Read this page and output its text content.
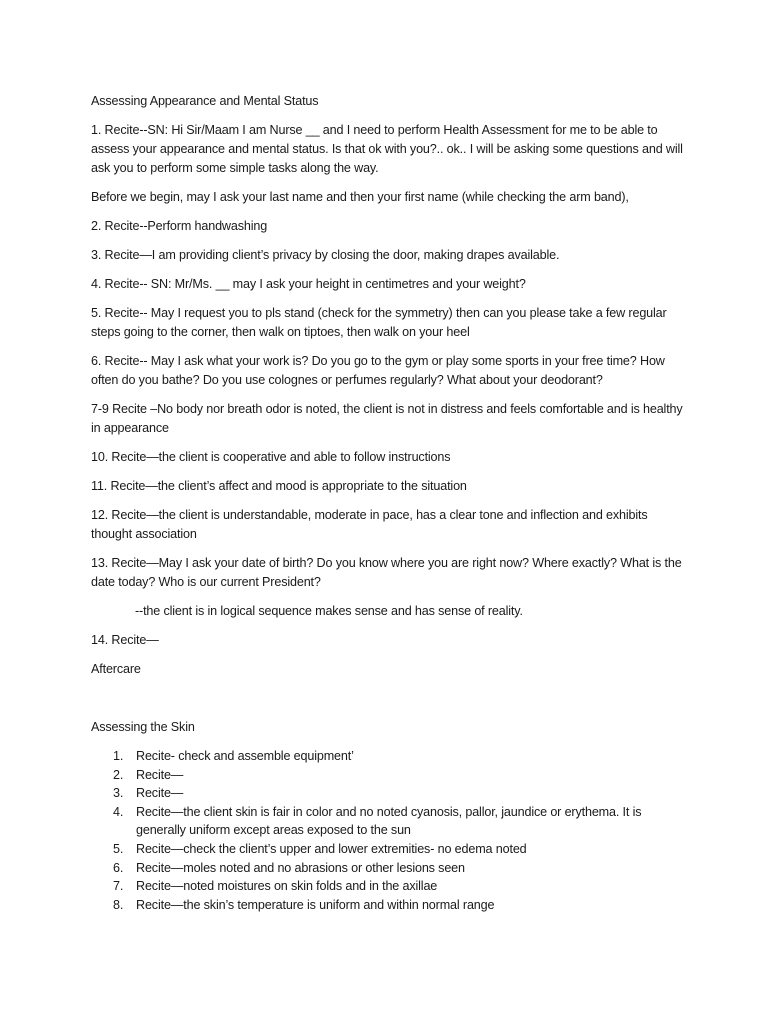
Assessing Appearance and Mental Status

1. Recite--SN: Hi Sir/Maam I am Nurse __ and I need to perform Health Assessment for me to be able to assess your appearance and mental status. Is that ok with you?.. ok.. I will be asking some questions and will ask you to perform some simple tasks along the way.

Before we begin, may I ask your last name and then your first name (while checking the arm band),

2. Recite--Perform handwashing

3. Recite—I am providing client’s privacy by closing the door, making drapes available.

4. Recite-- SN: Mr/Ms. __ may I ask your height in centimetres and your weight?

5. Recite-- May I request you to pls stand (check for the symmetry) then can you please take a few regular steps going to the corner, then walk on tiptoes, then walk on your heel

6. Recite-- May I ask what your work is? Do you go to the gym or play some sports in your free time? How often do you bathe? Do you use colognes or perfumes regularly? What about your deodorant?

7-9 Recite –No body nor breath odor is noted, the client is not in distress and feels comfortable and is healthy in appearance

10. Recite—the client is cooperative and able to follow instructions

11. Recite—the client’s affect and mood is appropriate to the situation

12. Recite—the client is understandable, moderate in pace, has a clear tone and inflection and exhibits thought association

13. Recite—May I ask your date of birth? Do you know where you are right now? Where exactly? What is the date today? Who is our current President?

--the client is in logical sequence makes sense and has sense of reality.

14. Recite—

Aftercare

Assessing the Skin

1. Recite- check and assemble equipment’
2. Recite—
3. Recite—
4. Recite—the client skin is fair in color and no noted cyanosis, pallor, jaundice or erythema. It is generally uniform except areas exposed to the sun
5. Recite—check the client’s upper and lower extremities- no edema noted
6. Recite—moles noted and no abrasions or other lesions seen
7. Recite—noted moistures on skin folds and in the axillae
8. Recite—the skin’s temperature is uniform and within normal range
